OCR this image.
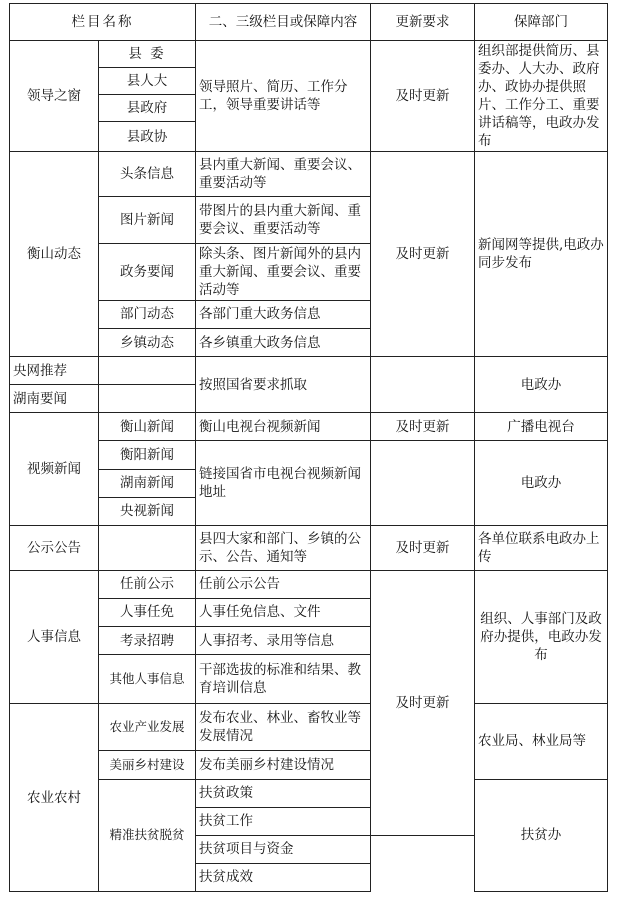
栏目名称		二、三级栏目或保障内容	更新要求	保障部门
领导之窗	县 委	领导照片、简历、工作分工，领导重要讲话等	及时更新	组织部提供简历、县委办、人大办、政府办、政协办提供照片、工作分工、重要讲话稿等，电政办发布
	县人大			
	县政府			
	县政协			
衡山动态	头条信息	县内重大新闻、重要会议、重要活动等	及时更新	新闻网等提供,电政办同步发布
	图片新闻	带图片的县内重大新闻、重要会议、重要活动等		
	政务要闻	除头条、图片新闻外的县内重大新闻、重要会议、重要活动等		
	部门动态	各部门重大政务信息		
	乡镇动态	各乡镇重大政务信息		
央网推荐		按照国省要求抓取		电政办
湖南要闻				
视频新闻	衡山新闻	衡山电视台视频新闻	及时更新	广播电视台
	衡阳新闻	链接国省市电视台视频新闻地址		电政办
	湖南新闻			
	央视新闻			
公示公告		县四大家和部门、乡镇的公示、公告、通知等	及时更新	各单位联系电政办上传
人事信息	任前公示	任前公示公告	及时更新	组织、人事部门及政府办提供，电政办发布
	人事任免	人事任免信息、文件		
	考录招聘	人事招考、录用等信息		
	其他人事信息	干部选拔的标准和结果、教育培训信息		
农业农村	农业产业发展	发布农业、林业、畜牧业等发展情况		农业局、林业局等
	美丽乡村建设	发布美丽乡村建设情况		
	精准扶贫脱贫	扶贫政策		扶贫办
		扶贫工作		
		扶贫项目与资金		
		扶贫成效		
